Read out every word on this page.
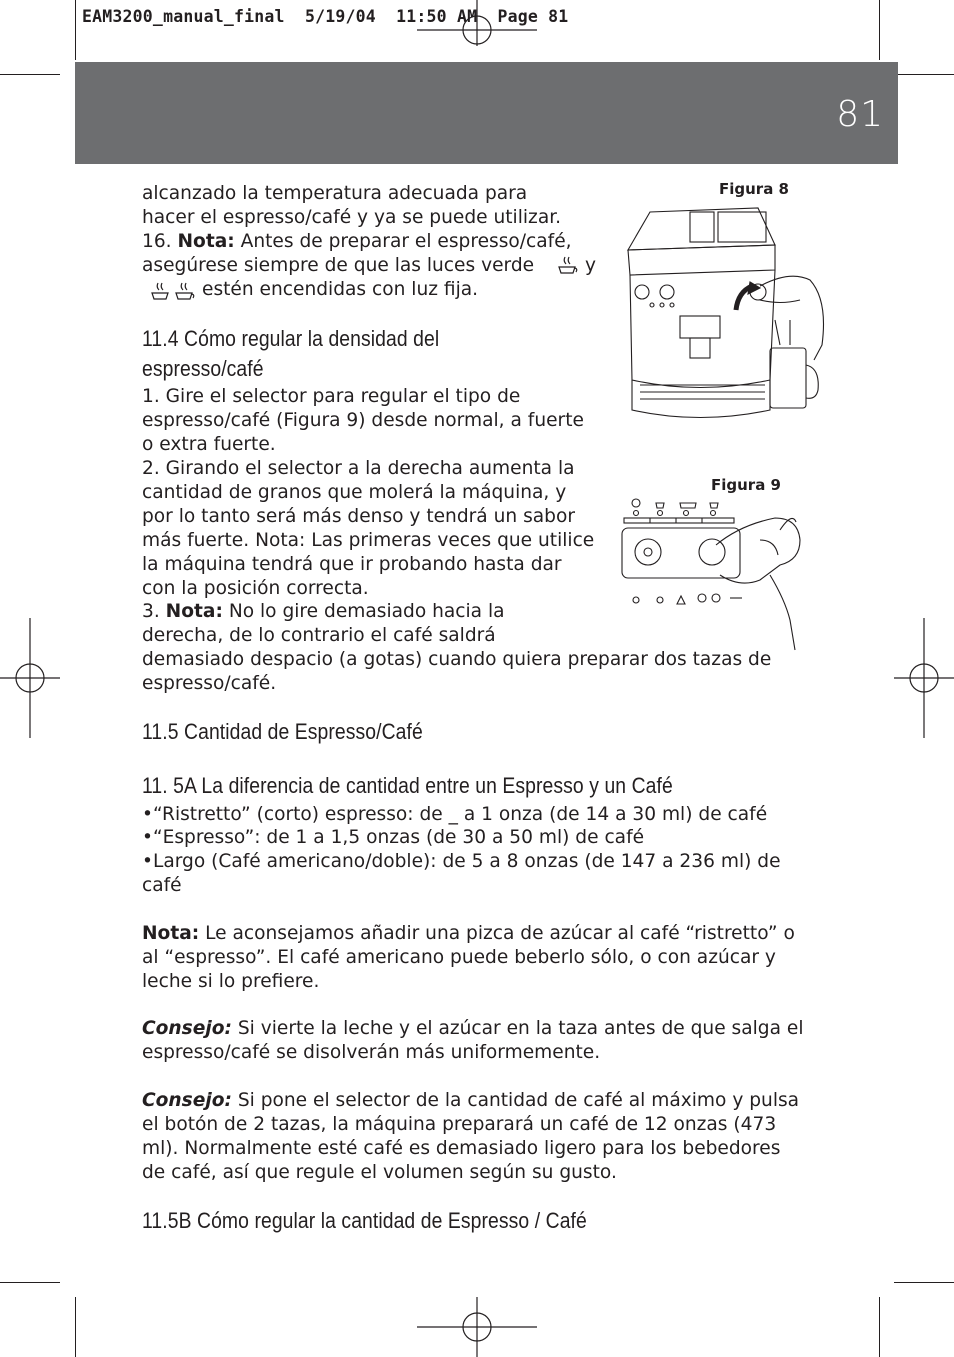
EAM3200_manual_final  5/19/04  11:50 AM  Page 81
81
Figura 8
Figura 9
alcanzado la temperatura adecuada para
hacer el espresso/café y ya se puede utilizar.
16. Nota: Antes de preparar el espresso/café,
asegúrese siempre de que las luces verde	y
estén encendidas con luz fija.
11.4 Cómo regular la densidad del
espresso/café
1. Gire el selector para regular el tipo de
espresso/café (Figura 9) desde normal, a fuerte
o extra fuerte.
2. Girando el selector a la derecha aumenta la
cantidad de granos que molerá la máquina, y
por lo tanto será más denso y tendrá un sabor
más fuerte. Nota: Las primeras veces que utilice
la máquina tendrá que ir probando hasta dar
con la posición correcta.
3. Nota: No lo gire demasiado hacia la
derecha, de lo contrario el café saldrá
demasiado despacio (a gotas) cuando quiera preparar dos tazas de
espresso/café.
11.5 Cantidad de Espresso/Café
11. 5A La diferencia de cantidad entre un Espresso y un Café
•“Ristretto” (corto) espresso: de _ a 1 onza (de 14 a 30 ml) de café
•“Espresso”: de 1 a 1,5 onzas (de 30 a 50 ml) de café
•Largo (Café americano/doble): de 5 a 8 onzas (de 147 a 236 ml) de
café
Nota: Le aconsejamos añadir una pizca de azúcar al café “ristretto” o
al “espresso”. El café americano puede beberlo sólo, o con azúcar y
leche si lo prefiere.
Consejo: Si vierte la leche y el azúcar en la taza antes de que salga el
espresso/café se disolverán más uniformemente.
Consejo: Si pone el selector de la cantidad de café al máximo y pulsa
el botón de 2 tazas, la máquina preparará un café de 12 onzas (473
ml). Normalmente esté café es demasiado ligero para los bebedores
de café, así que regule el volumen según su gusto.
11.5B Cómo regular la cantidad de Espresso / Café
